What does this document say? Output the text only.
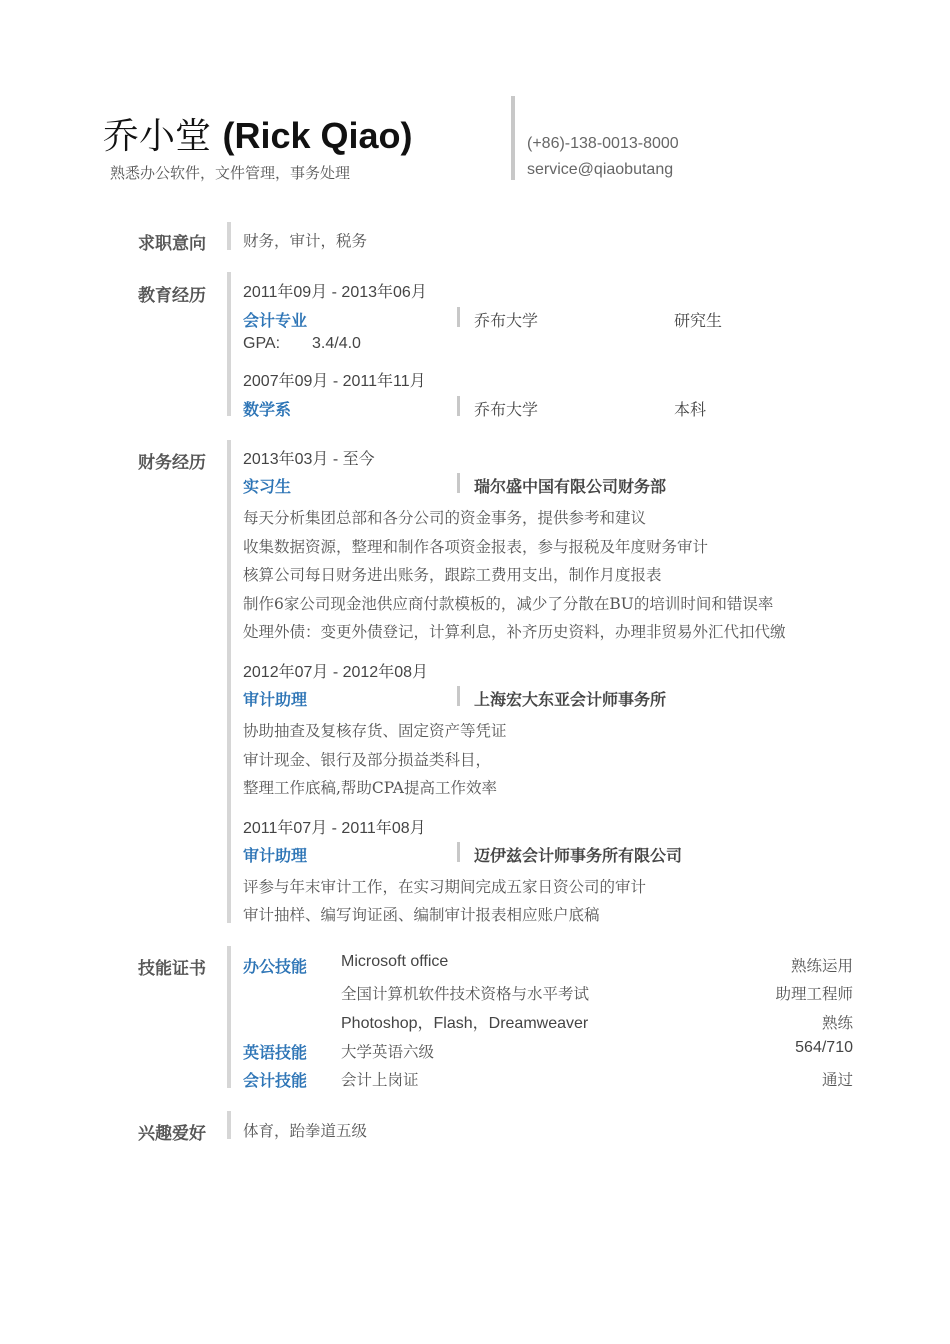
乔小堂 (Rick Qiao)
熟悉办公软件，文件管理，事务处理
(+86)-138-0013-8000
service@qiaobutang
求职意向 财务，审计，税务
教育经历 2011年09月 - 2013年06月
会计专业	乔布大学	研究生
GPA: 3.4/4.0
2007年09月 - 2011年11月
数学系	乔布大学	本科
财务经历 2013年03月 - 至今
实习生	瑞尔盛中国有限公司财务部
每天分析集团总部和各分公司的资金事务，提供参考和建议
收集数据资源，整理和制作各项资金报表，参与报税及年度财务审计
核算公司每日财务进出账务，跟踪工费用支出，制作月度报表
制作6家公司现金池供应商付款模板的，减少了分散在BU的培训时间和错误率
处理外债：变更外债登记，计算利息，补齐历史资料，办理非贸易外汇代扣代缴
2012年07月 - 2012年08月
审计助理	上海宏大东亚会计师事务所
协助抽查及复核存货、固定资产等凭证
审计现金、银行及部分损益类科目，
整理工作底稿,帮助CPA提高工作效率
2011年07月 - 2011年08月
审计助理	迈伊兹会计师事务所有限公司
评参与年末审计工作，在实习期间完成五家日资公司的审计
审计抽样、编写询证函、编制审计报表相应账户底稿
技能证书 办公技能 Microsoft office	熟练运用
全国计算机软件技术资格与水平考试	助理工程师
Photoshop，Flash，Dreamweaver	熟练
英语技能 大学英语六级	564/710
会计技能 会计上岗证	通过
兴趣爱好 体育，跆拳道五级
